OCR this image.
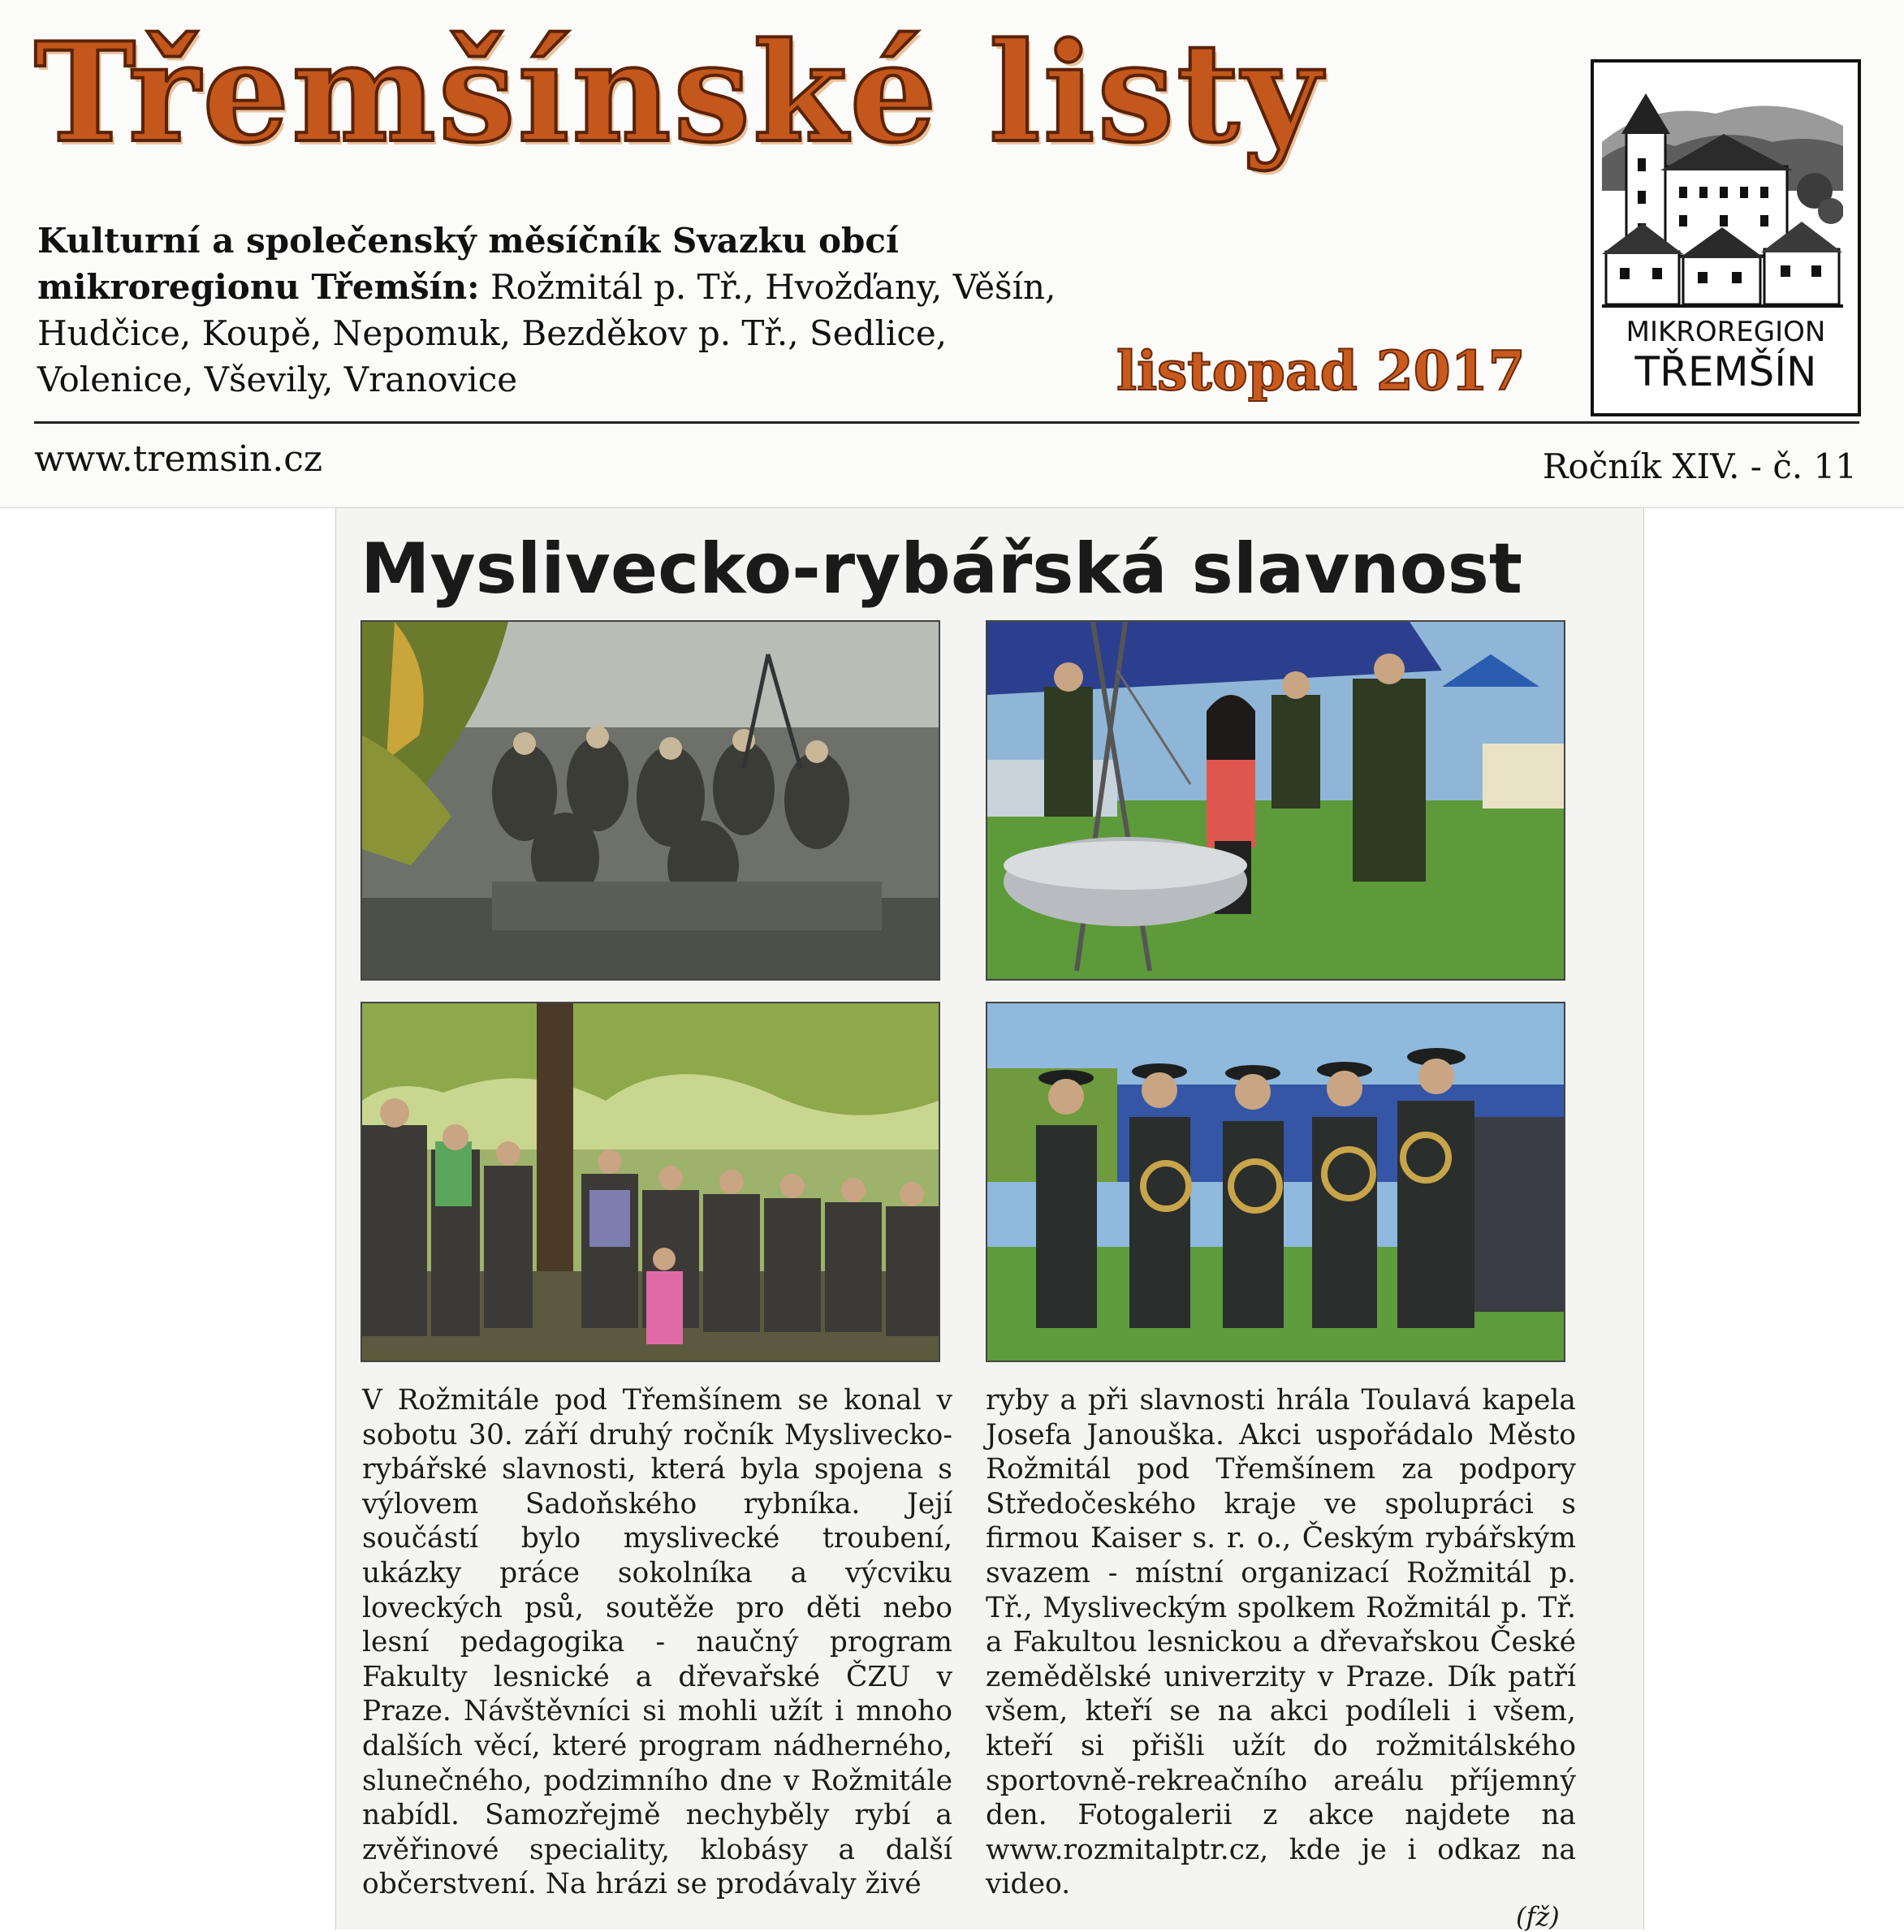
Třemšínské listy
Kulturní a společenský měsíčník Svazku obcí mikroregionu Třemšín: Rožmitál p. Tř., Hvožďany, Věšín, Hudčice, Koupě, Nepomuk, Bezděkov p. Tř., Sedlice, Volenice, Vševily, Vranovice	listopad 2017
MIKROREGION
TŘEMŠÍN
www.tremsin.cz	Ročník XIV. - č. 11
Myslivecko-rybářská slavnost

V Rožmitále pod Třemšínem se konal v sobotu 30. září druhý ročník Myslivecko-rybářské slavnosti, která byla spojena s výlovem Sadoňského rybníka. Její součástí bylo myslivecké troubení, ukázky práce sokolníka a výcviku loveckých psů, soutěže pro děti nebo lesní pedagogika - naučný program Fakulty lesnické a dřevařské ČZU v Praze. Návštěvníci si mohli užít i mnoho dalších věcí, které program nádherného, slunečného, podzimního dne v Rožmitále nabídl. Samozřejmě nechyběly rybí a zvěřinové speciality, klobásy a další občerstvení. Na hrázi se prodávaly živé

ryby a při slavnosti hrála Toulavá kapela Josefa Janouška. Akci uspořádalo Město Rožmitál pod Třemšínem za podpory Středočeského kraje ve spolupráci s firmou Kaiser s. r. o., Českým rybářským svazem - místní organizací Rožmitál p. Tř., Mysliveckým spolkem Rožmitál p. Tř. a Fakultou lesnickou a dřevařskou České zemědělské univerzity v Praze. Dík patří všem, kteří se na akci podíleli i všem, kteří si přišli užít do rožmitálského sportovně-rekreačního areálu příjemný den. Fotogalerii z akce najdete na www.rozmitalptr.cz, kde je i odkaz na video.

(fž)
